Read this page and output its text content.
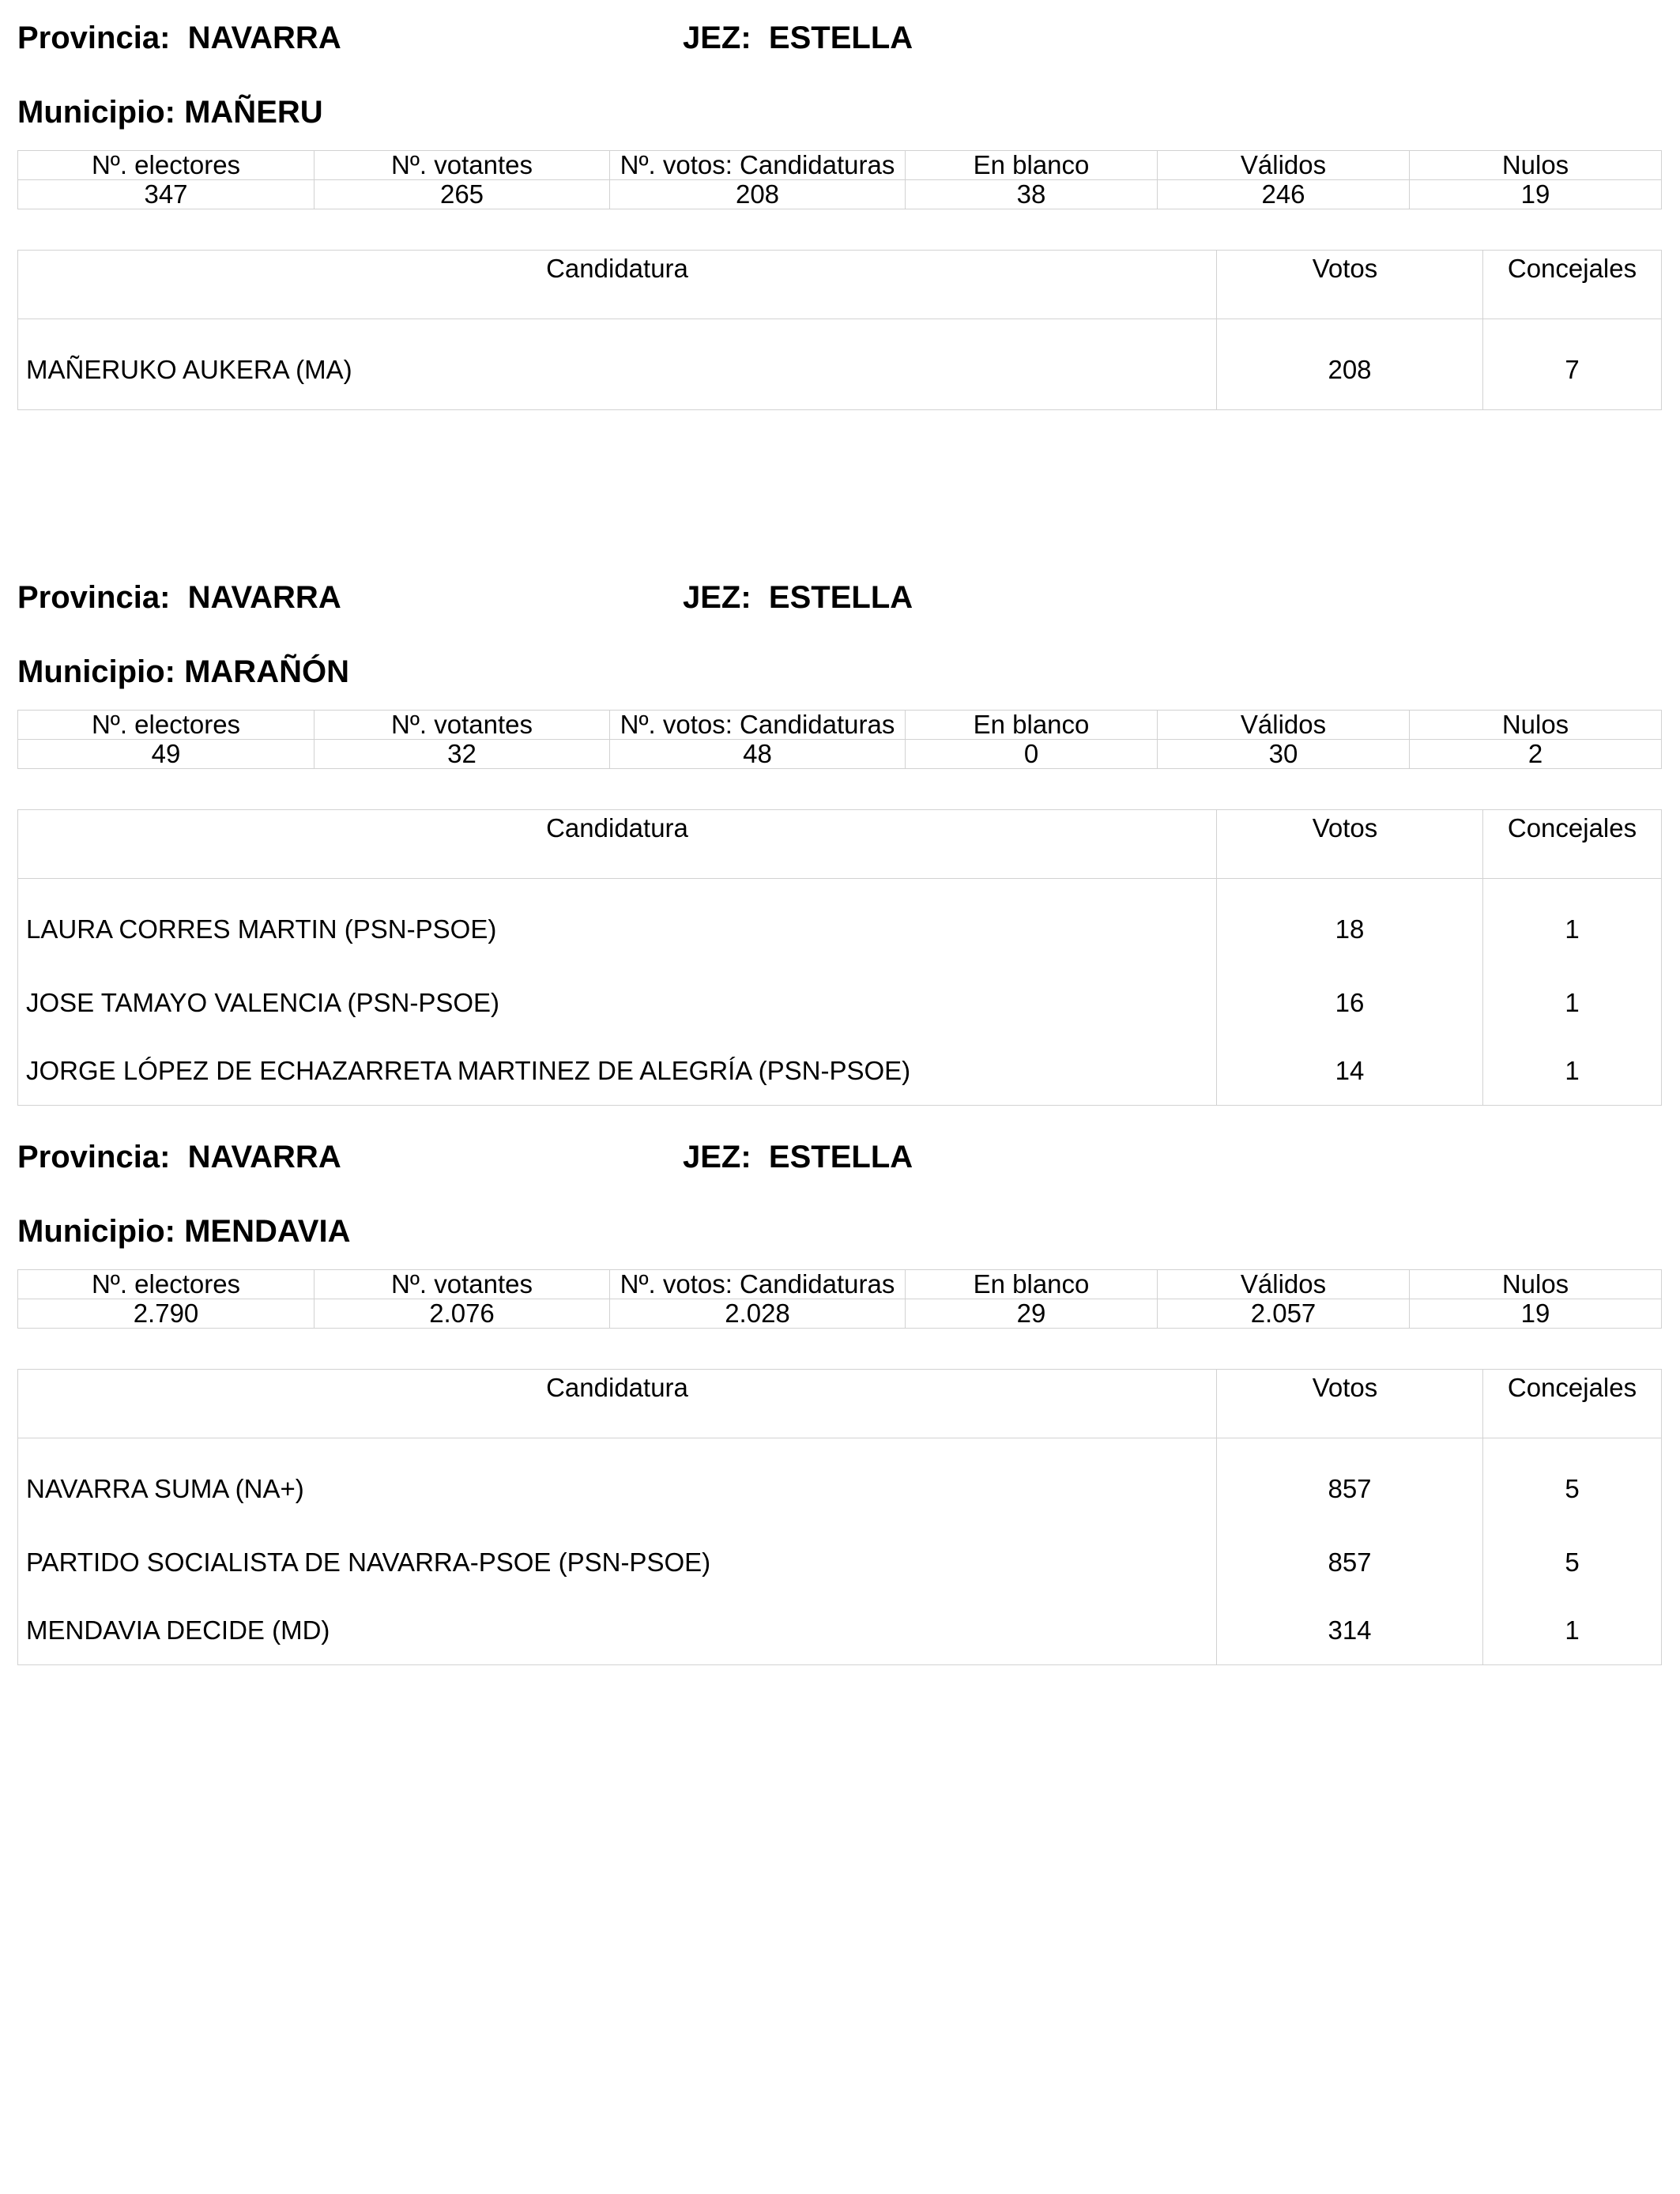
Provincia: NAVARRA	JEZ: ESTELLA
Municipio: MAÑERU
Nº. electores	Nº. votantes	Nº. votos: Candidaturas	En blanco	Válidos	Nulos
347	265	208	38	246	19
Candidatura	Votos	Concejales
MAÑERUKO AUKERA (MA)	208	7
Provincia: NAVARRA	JEZ: ESTELLA
Municipio: MARAÑÓN
Nº. electores	Nº. votantes	Nº. votos: Candidaturas	En blanco	Válidos	Nulos
49	32	48	0	30	2
Candidatura	Votos	Concejales
LAURA CORRES MARTIN (PSN-PSOE)	18	1
JOSE TAMAYO VALENCIA (PSN-PSOE)	16	1
JORGE LÓPEZ DE ECHAZARRETA MARTINEZ DE ALEGRÍA (PSN-PSOE)	14	1
Provincia: NAVARRA	JEZ: ESTELLA
Municipio: MENDAVIA
Nº. electores	Nº. votantes	Nº. votos: Candidaturas	En blanco	Válidos	Nulos
2.790	2.076	2.028	29	2.057	19
Candidatura	Votos	Concejales
NAVARRA SUMA (NA+)	857	5
PARTIDO SOCIALISTA DE NAVARRA-PSOE (PSN-PSOE)	857	5
MENDAVIA DECIDE (MD)	314	1
